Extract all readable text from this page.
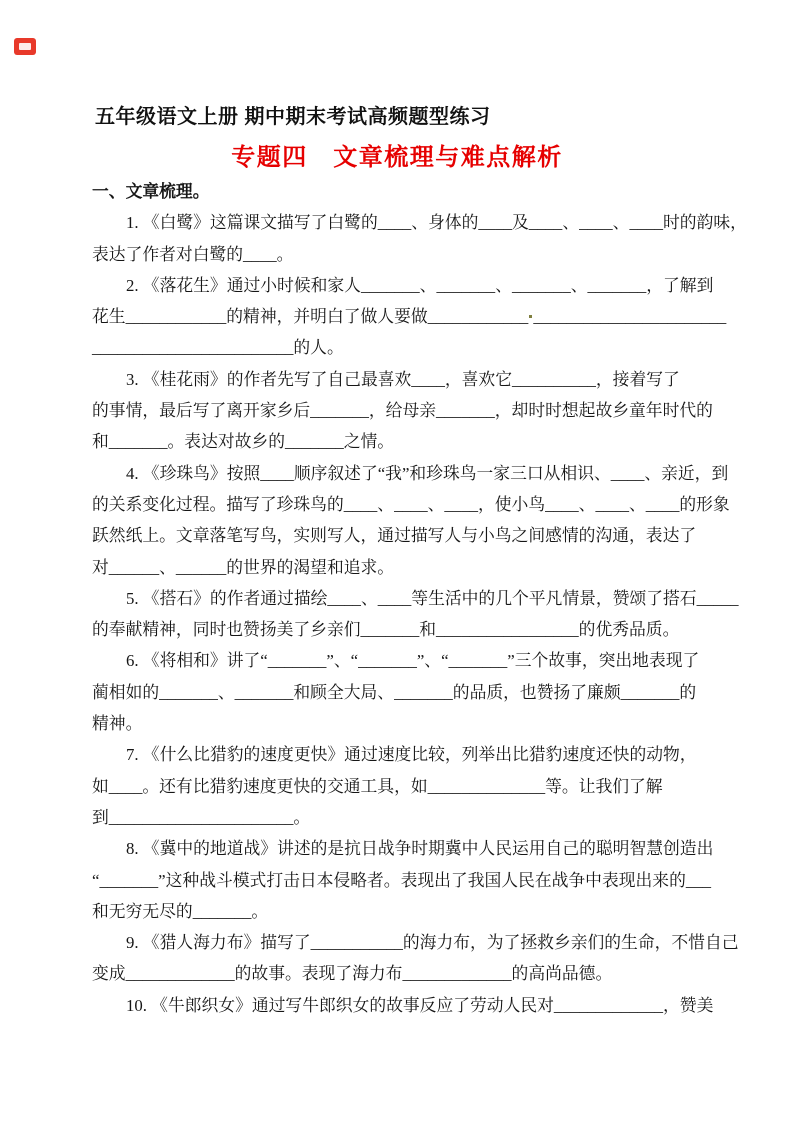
五年级语文上册 期中期末考试高频题型练习
专题四　文章梳理与难点解析
一、文章梳理。
1. 《白鹭》这篇课文描写了白鹭的____、身体的____及____、____、____时的韵味，
表达了作者对白鹭的____。
2. 《落花生》通过小时候和家人_______、_______、_______、_______，了解到
花生____________的精神，并明白了做人要做____________ _______________________
________________________的人。
3. 《桂花雨》的作者先写了自己最喜欢____，喜欢它__________，接着写了
的事情，最后写了离开家乡后_______，给母亲_______，却时时想起故乡童年时代的
和_______。表达对故乡的_______之情。
4. 《珍珠鸟》按照____顺序叙述了“我”和珍珠鸟一家三口从相识、____、亲近，到
的关系变化过程。描写了珍珠鸟的____、____、____，使小鸟____、____、____的形象
跃然纸上。文章落笔写鸟，实则写人，通过描写人与小鸟之间感情的沟通，表达了
对______、______的世界的渴望和追求。
5. 《搭石》的作者通过描绘____、____等生活中的几个平凡情景，赞颂了搭石_____
的奉献精神，同时也赞扬美了乡亲们_______和_________________的优秀品质。
6. 《将相和》讲了“_______”、“_______”、“_______”三个故事，突出地表现了
蔺相如的_______、_______和顾全大局、_______的品质，也赞扬了廉颇_______的
精神。
7. 《什么比猎豹的速度更快》通过速度比较，列举出比猎豹速度还快的动物，
如____。还有比猎豹速度更快的交通工具，如______________等。让我们了解
到______________________。
8. 《冀中的地道战》讲述的是抗日战争时期冀中人民运用自己的聪明智慧创造出
“_______”这种战斗模式打击日本侵略者。表现出了我国人民在战争中表现出来的___
和无穷无尽的_______。
9. 《猎人海力布》描写了___________的海力布，为了拯救乡亲们的生命，不惜自己
变成_____________的故事。表现了海力布_____________的高尚品德。
10. 《牛郎织女》通过写牛郎织女的故事反应了劳动人民对_____________，赞美
